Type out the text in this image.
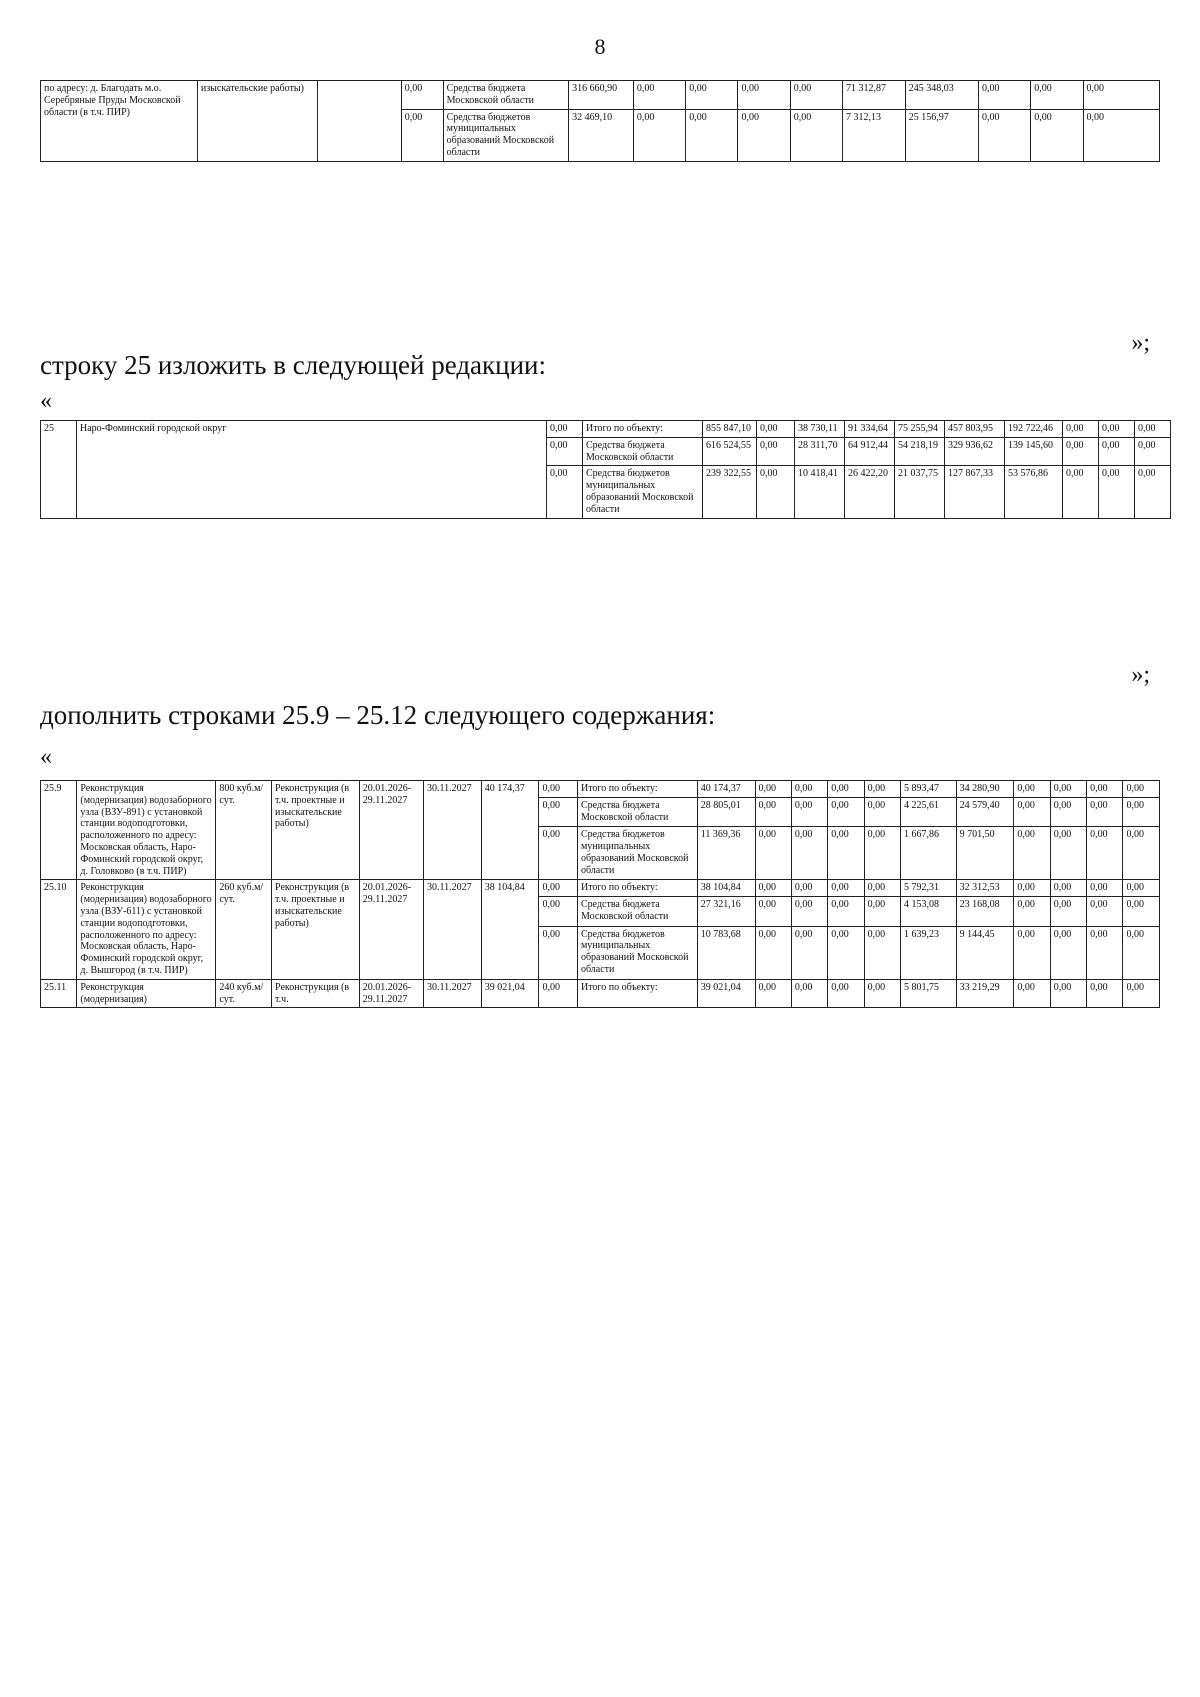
8
по адресу: д. Благодать м.о. Серебряные Пруды Московской области (в т.ч. ПИР)	изыскательские работы)		0,00	Средства бюджета Московской области	316 660,90	0,00	0,00	0,00	0,00	71 312,87	245 348,03	0,00	0,00	0,00
			0,00	Средства бюджетов муниципальных образований Московской области	32 469,10	0,00	0,00	0,00	0,00	7 312,13	25 156,97	0,00	0,00	0,00
»;
строку 25 изложить в следующей редакции:
«
25	Наро-Фоминский городской округ	0,00	Итого по объекту:	855 847,10	0,00	38 730,11	91 334,64	75 255,94	457 803,95	192 722,46	0,00	0,00	0,00
		0,00	Средства бюджета Московской области	616 524,55	0,00	28 311,70	64 912,44	54 218,19	329 936,62	139 145,60	0,00	0,00	0,00
		0,00	Средства бюджетов муниципальных образований Московской области	239 322,55	0,00	10 418,41	26 422,20	21 037,75	127 867,33	53 576,86	0,00	0,00	0,00
»;
дополнить строками 25.9 – 25.12 следующего содержания:
«
25.9	Реконструкция (модернизация) водозаборного узла (ВЗУ-891) с установкой станции водоподготовки, расположенного по адресу: Московская область, Наро-Фоминский городской округ, д. Головково (в т.ч. ПИР)	800 куб.м/сут.	Реконструкция (в т.ч. проектные и изыскательские работы)	20.01.2026-29.11.2027	30.11.2027	40 174,37	0,00	Итого по объекту:	40 174,37	0,00	0,00	0,00	0,00	5 893,47	34 280,90	0,00	0,00	0,00	0,00
							0,00	Средства бюджета Московской области	28 805,01	0,00	0,00	0,00	0,00	4 225,61	24 579,40	0,00	0,00	0,00	0,00
							0,00	Средства бюджетов муниципальных образований Московской области	11 369,36	0,00	0,00	0,00	0,00	1 667,86	9 701,50	0,00	0,00	0,00	0,00
25.10	Реконструкция (модернизация) водозаборного узла (ВЗУ-611) с установкой станции водоподготовки, расположенного по адресу: Московская область, Наро-Фоминский городской округ, д. Вышгород (в т.ч. ПИР)	260 куб.м/сут.	Реконструкция (в т.ч. проектные и изыскательские работы)	20.01.2026-29.11.2027	30.11.2027	38 104,84	0,00	Итого по объекту:	38 104,84	0,00	0,00	0,00	0,00	5 792,31	32 312,53	0,00	0,00	0,00	0,00
							0,00	Средства бюджета Московской области	27 321,16	0,00	0,00	0,00	0,00	4 153,08	23 168,08	0,00	0,00	0,00	0,00
							0,00	Средства бюджетов муниципальных образований Московской области	10 783,68	0,00	0,00	0,00	0,00	1 639,23	9 144,45	0,00	0,00	0,00	0,00
25.11	Реконструкция (модернизация)	240 куб.м/сут.	Реконструкция (в т.ч.	20.01.2026-29.11.2027	30.11.2027	39 021,04	0,00	Итого по объекту:	39 021,04	0,00	0,00	0,00	0,00	5 801,75	33 219,29	0,00	0,00	0,00	0,00
